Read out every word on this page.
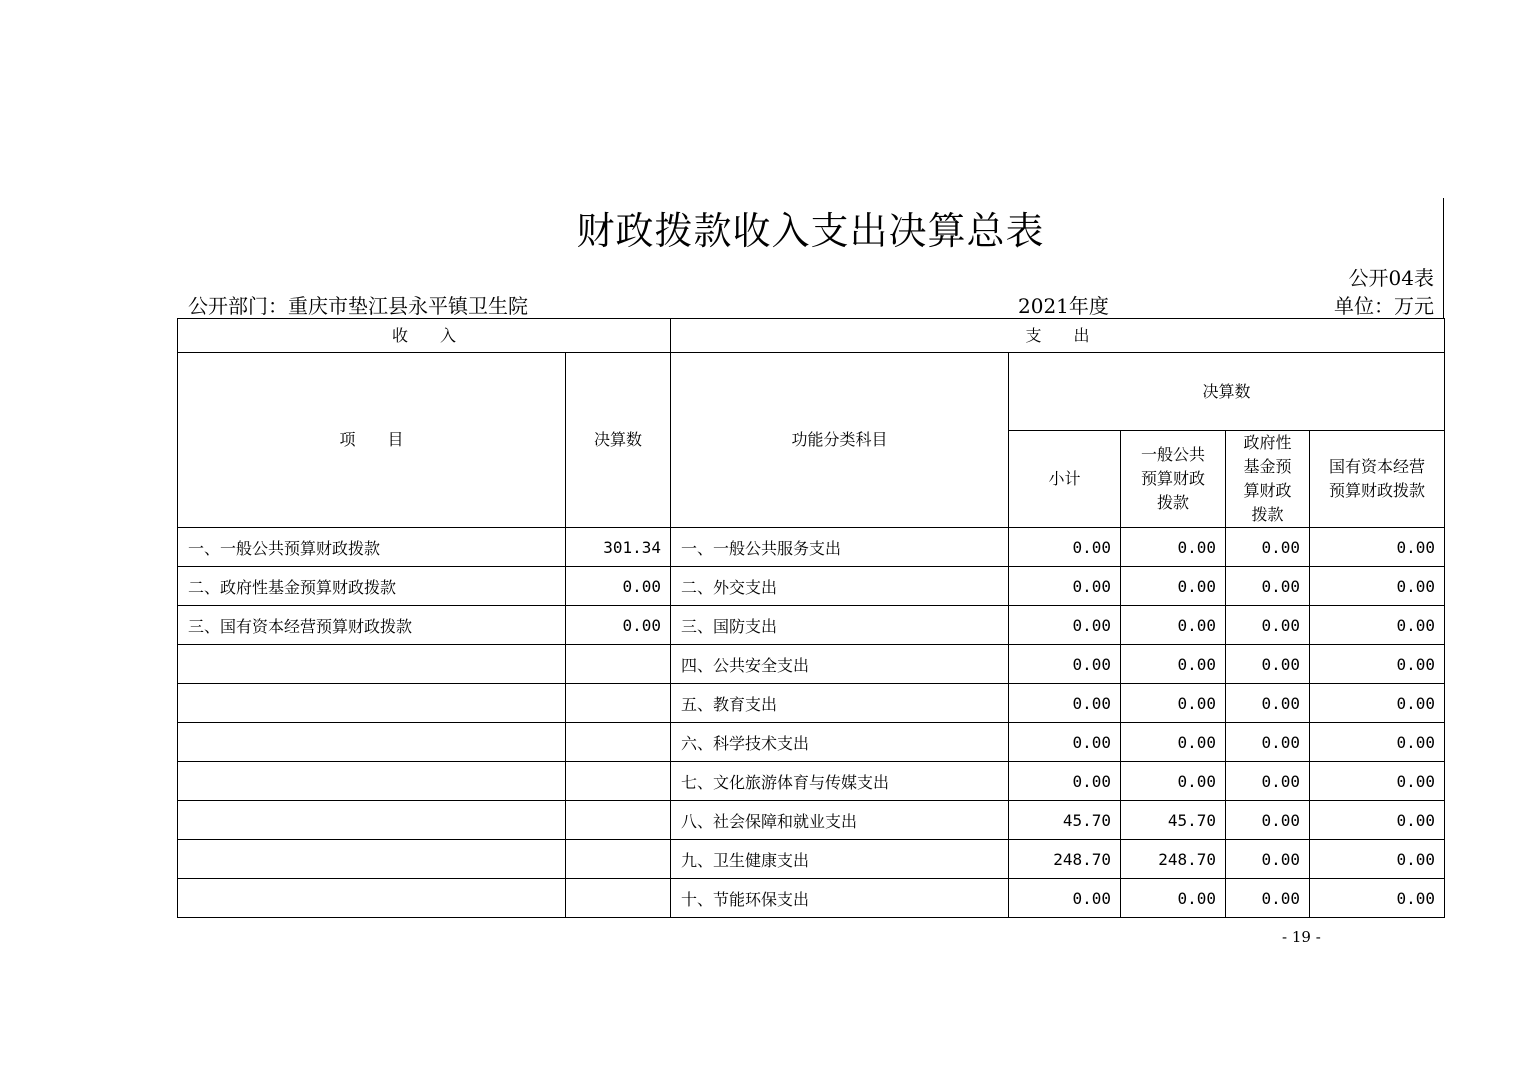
财政拨款收入支出决算总表
公开04表
公开部门：重庆市垫江县永平镇卫生院	2021年度	单位：万元
收　　入		支　　出				
项　　目	决算数	功能分类科目	决算数			
			小计	一般公共预算财政拨款	政府性基金预算财政拨款	国有资本经营预算财政拨款
一、一般公共预算财政拨款	301.34	一、一般公共服务支出	0.00	0.00	0.00	0.00
二、政府性基金预算财政拨款	0.00	二、外交支出	0.00	0.00	0.00	0.00
三、国有资本经营预算财政拨款	0.00	三、国防支出	0.00	0.00	0.00	0.00
		四、公共安全支出	0.00	0.00	0.00	0.00
		五、教育支出	0.00	0.00	0.00	0.00
		六、科学技术支出	0.00	0.00	0.00	0.00
		七、文化旅游体育与传媒支出	0.00	0.00	0.00	0.00
		八、社会保障和就业支出	45.70	45.70	0.00	0.00
		九、卫生健康支出	248.70	248.70	0.00	0.00
		十、节能环保支出	0.00	0.00	0.00	0.00
- 19 -
